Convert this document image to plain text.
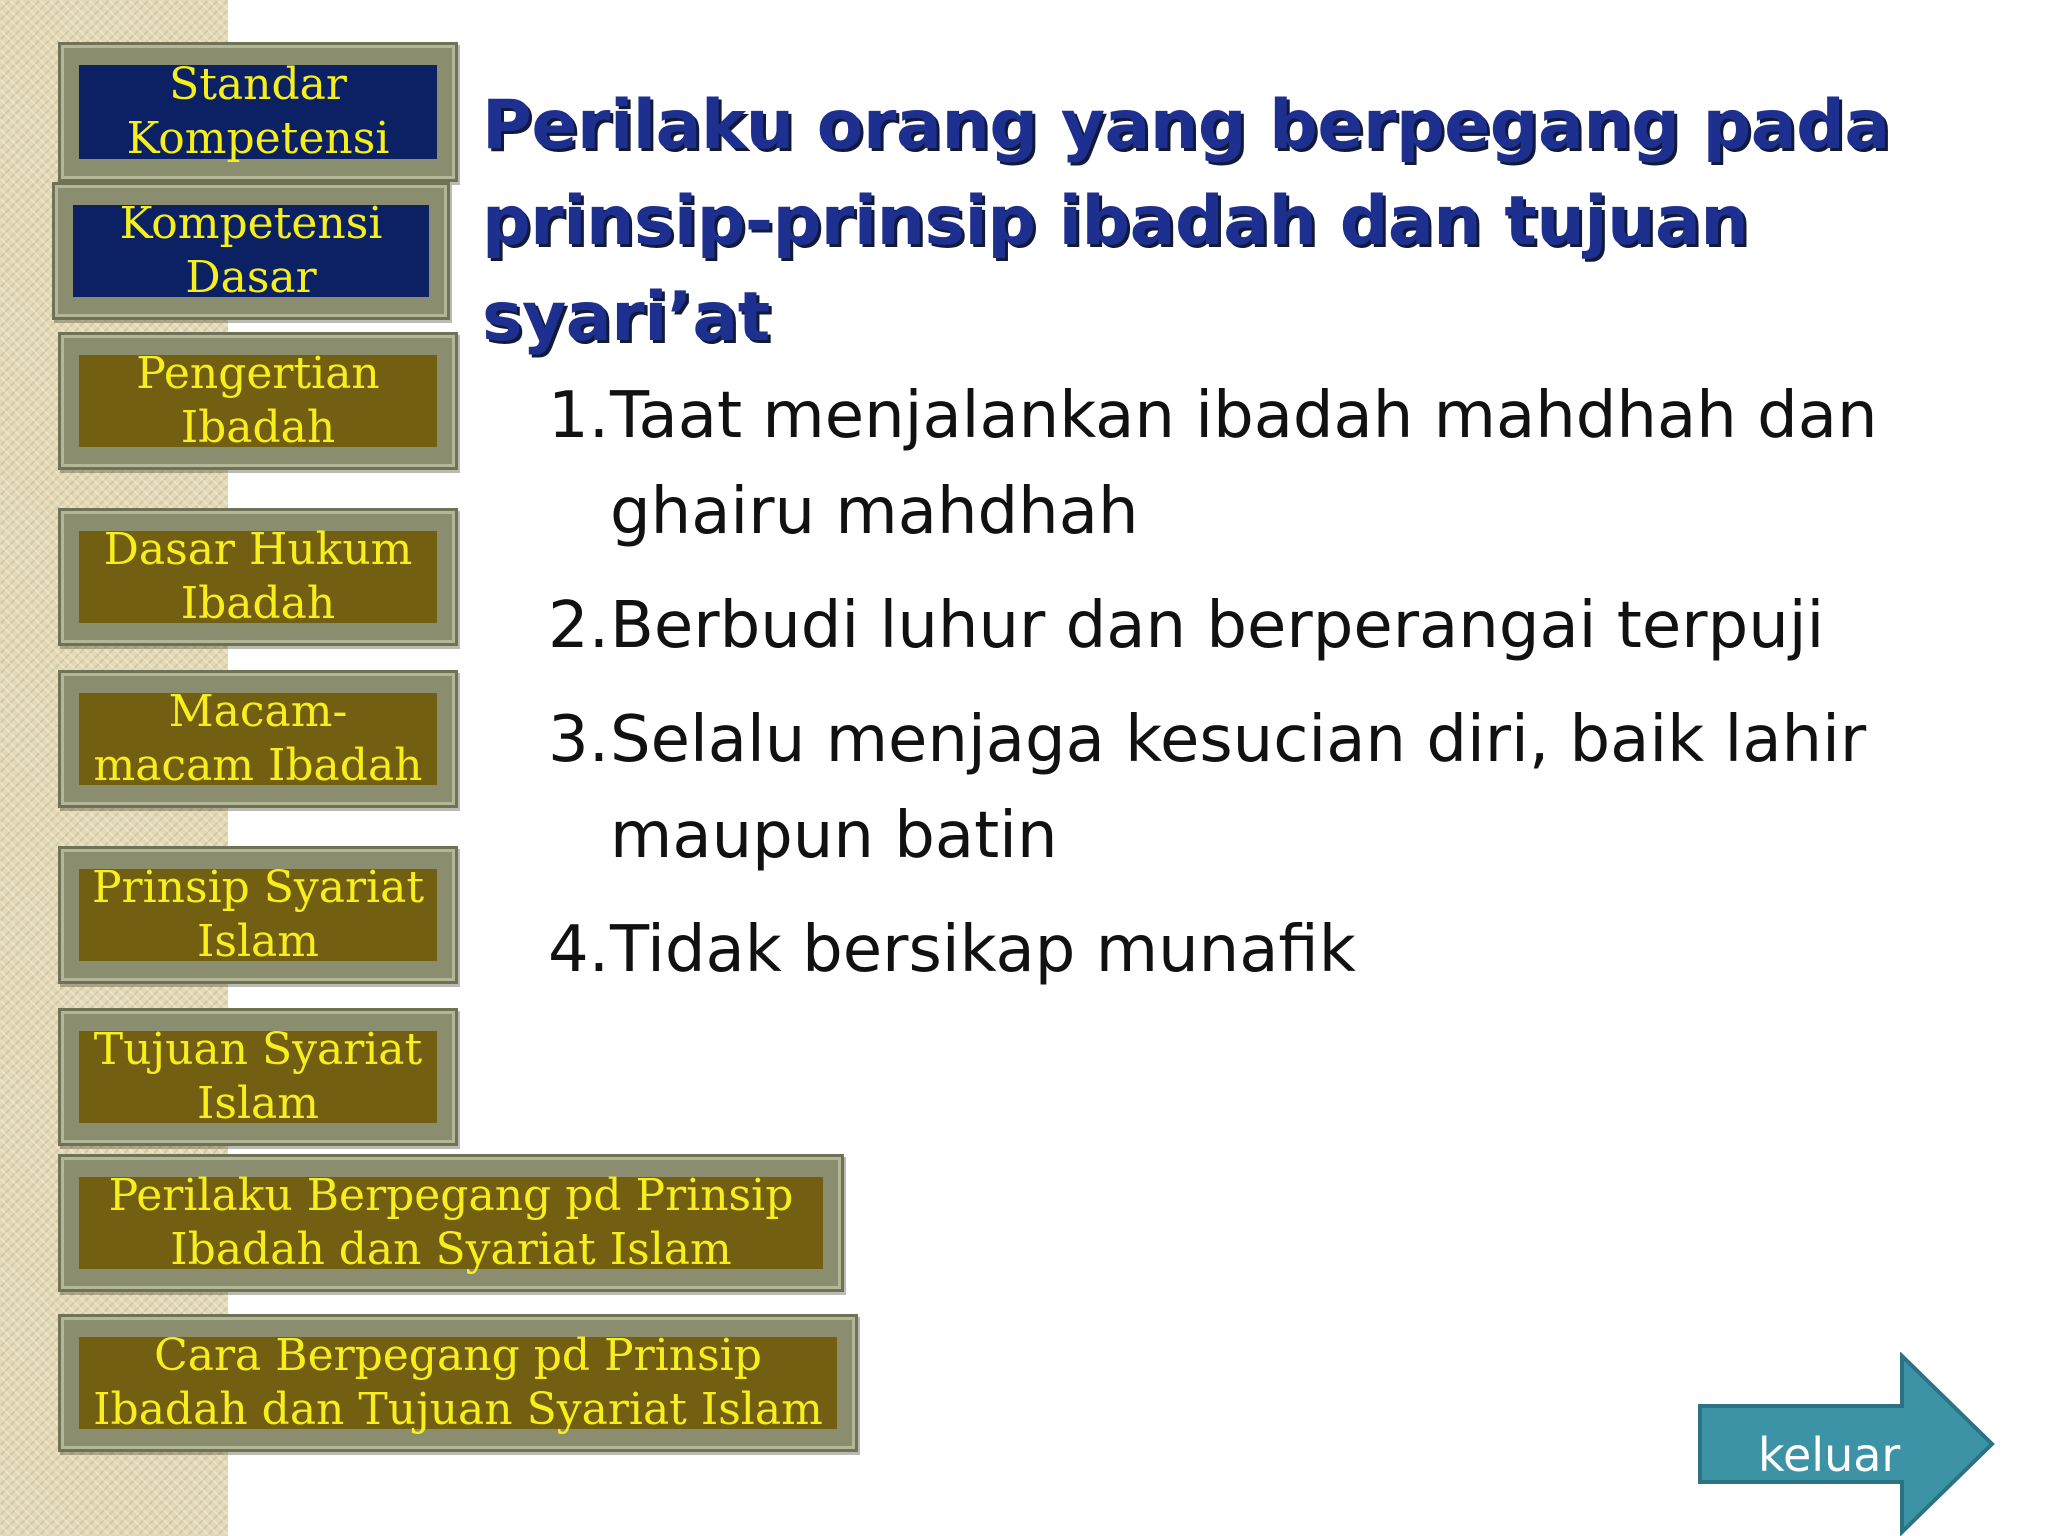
Standar
Kompetensi
Kompetensi
Dasar
Pengertian
Ibadah
Dasar Hukum
Ibadah
Macam-
macam Ibadah
Prinsip Syariat
Islam
Tujuan Syariat
Islam
Perilaku Berpegang pd Prinsip
Ibadah dan Syariat Islam
Cara Berpegang pd Prinsip
Ibadah dan Tujuan Syariat Islam
Perilaku orang yang berpegang pada prinsip-prinsip ibadah dan tujuan syari’at
1. Taat menjalankan ibadah mahdhah dan ghairu mahdhah
2. Berbudi luhur dan berperangai terpuji
3. Selalu menjaga kesucian diri, baik lahir maupun batin
4. Tidak bersikap munafik
keluar
